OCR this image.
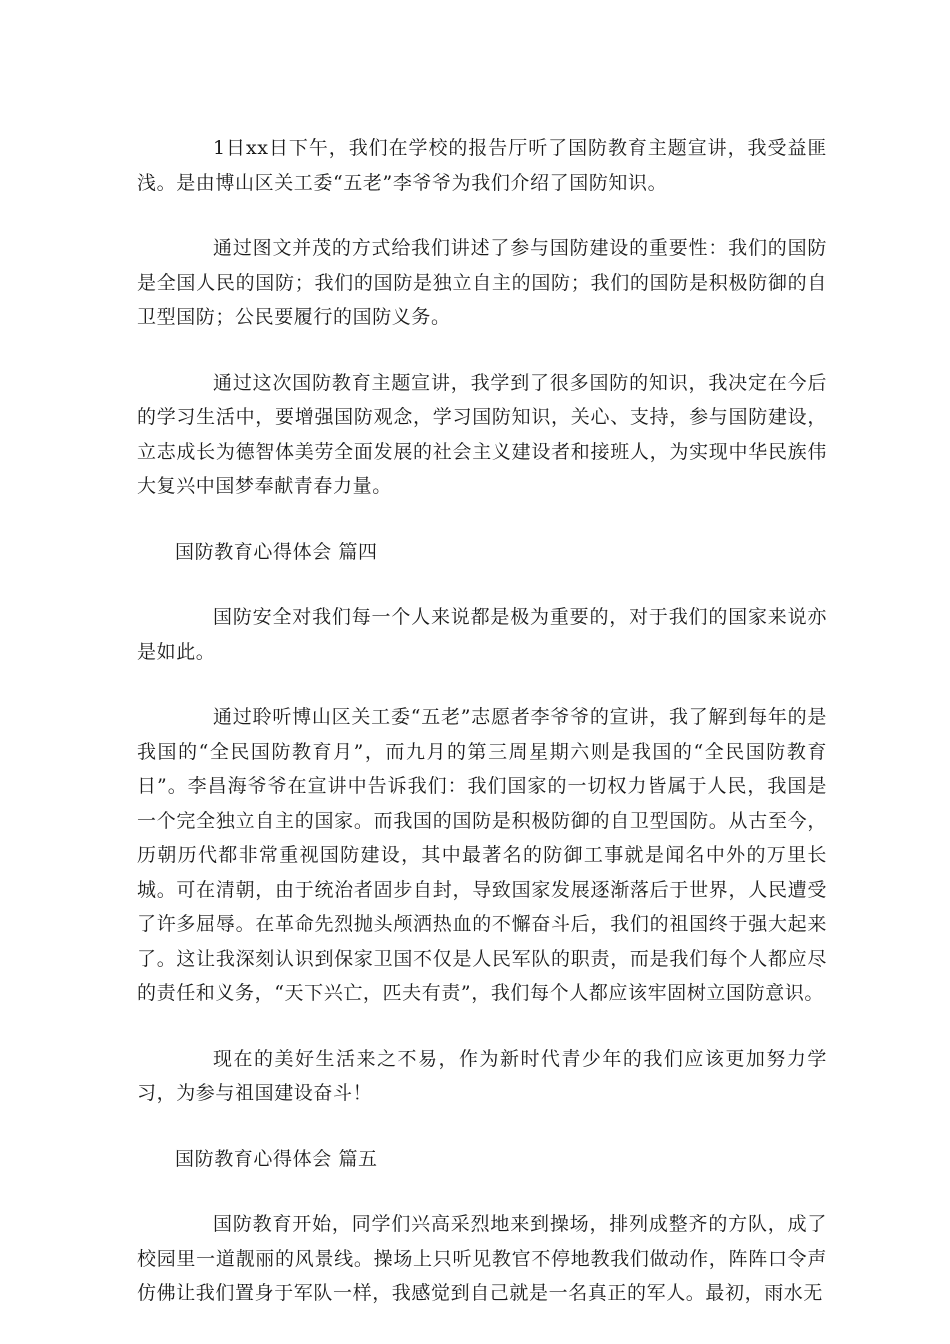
1日xx日下午，我们在学校的报告厅听了国防教育主题宣讲，我受益匪浅。是由博山区关工委“五老”李爷爷为我们介绍了国防知识。

通过图文并茂的方式给我们讲述了参与国防建设的重要性：我们的国防是全国人民的国防；我们的国防是独立自主的国防；我们的国防是积极防御的自卫型国防；公民要履行的国防义务。

通过这次国防教育主题宣讲，我学到了很多国防的知识，我决定在今后的学习生活中，要增强国防观念，学习国防知识，关心、支持，参与国防建设，立志成长为德智体美劳全面发展的社会主义建设者和接班人，为实现中华民族伟大复兴中国梦奉献青春力量。

国防教育心得体会 篇四

国防安全对我们每一个人来说都是极为重要的，对于我们的国家来说亦是如此。

通过聆听博山区关工委“五老”志愿者李爷爷的宣讲，我了解到每年的是我国的“全民国防教育月”，而九月的第三周星期六则是我国的“全民国防教育日”。李昌海爷爷在宣讲中告诉我们：我们国家的一切权力皆属于人民，我国是一个完全独立自主的国家。而我国的国防是积极防御的自卫型国防。从古至今，历朝历代都非常重视国防建设，其中最著名的防御工事就是闻名中外的万里长城。可在清朝，由于统治者固步自封，导致国家发展逐渐落后于世界，人民遭受了许多屈辱。在革命先烈抛头颅洒热血的不懈奋斗后，我们的祖国终于强大起来了。这让我深刻认识到保家卫国不仅是人民军队的职责，而是我们每个人都应尽的责任和义务，“天下兴亡，匹夫有责”，我们每个人都应该牢固树立国防意识。

现在的美好生活来之不易，作为新时代青少年的我们应该更加努力学习，为参与祖国建设奋斗！

国防教育心得体会 篇五

国防教育开始，同学们兴高采烈地来到操场，排列成整齐的方队，成了校园里一道靓丽的风景线。操场上只听见教官不停地教我们做动作，阵阵口令声仿佛让我们置身于军队一样，我感觉到自己就是一名真正的军人。最初，雨水无
